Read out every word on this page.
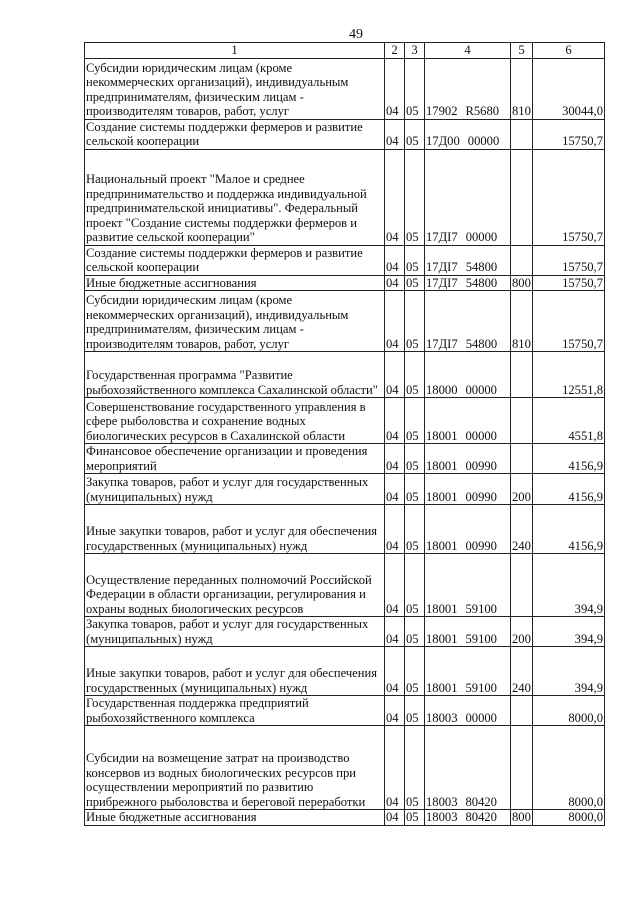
49
1	2	3	4	5	6
Субсидии юридическим лицам (кроме некоммерческих организаций), индивидуальным предпринимателям, физическим лицам - производителям товаров, работ, услуг	04	05	17902 R5680	810	30044,0
Создание системы поддержки фермеров и развитие сельской кооперации	04	05	17Д00 00000		15750,7
Национальный проект "Малое и среднее предпринимательство и поддержка индивидуальной предпринимательской инициативы". Федеральный проект "Создание системы поддержки фермеров и развитие сельской кооперации"	04	05	17ДI7 00000		15750,7
Создание системы поддержки фермеров и развитие сельской кооперации	04	05	17ДI7 54800		15750,7
Иные бюджетные ассигнования	04	05	17ДI7 54800	800	15750,7
Субсидии юридическим лицам (кроме некоммерческих организаций), индивидуальным предпринимателям, физическим лицам - производителям товаров, работ, услуг	04	05	17ДI7 54800	810	15750,7
Государственная программа "Развитие рыбохозяйственного комплекса Сахалинской области"	04	05	18000 00000		12551,8
Совершенствование государственного управления в сфере рыболовства и сохранение водных биологических ресурсов в Сахалинской области	04	05	18001 00000		4551,8
Финансовое обеспечение организации и проведения мероприятий	04	05	18001 00990		4156,9
Закупка товаров, работ и услуг для государственных (муниципальных) нужд	04	05	18001 00990	200	4156,9
Иные закупки товаров, работ и услуг для обеспечения государственных (муниципальных) нужд	04	05	18001 00990	240	4156,9
Осуществление переданных полномочий Российской Федерации в области организации, регулирования и охраны водных биологических ресурсов	04	05	18001 59100		394,9
Закупка товаров, работ и услуг для государственных (муниципальных) нужд	04	05	18001 59100	200	394,9
Иные закупки товаров, работ и услуг для обеспечения государственных (муниципальных) нужд	04	05	18001 59100	240	394,9
Государственная поддержка предприятий рыбохозяйственного комплекса	04	05	18003 00000		8000,0
Субсидии на возмещение затрат на производство консервов из водных биологических ресурсов при осуществлении мероприятий по развитию прибрежного рыболовства и береговой переработки	04	05	18003 80420		8000,0
Иные бюджетные ассигнования	04	05	18003 80420	800	8000,0
